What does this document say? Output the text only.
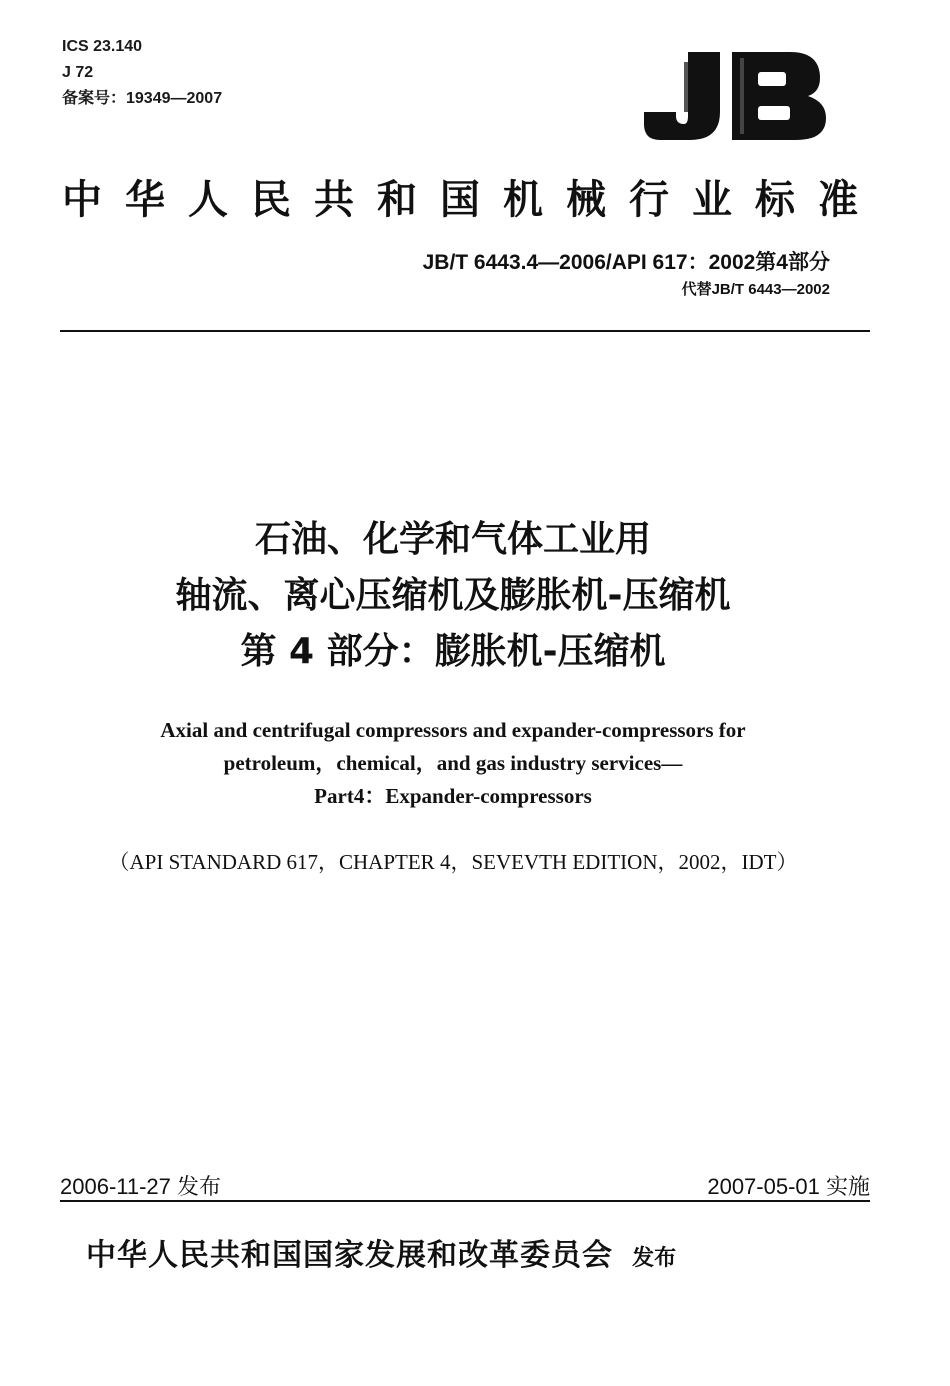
ICS 23.140
J 72
备案号：19349—2007
中华人民共和国机械行业标准
JB/T 6443.4—2006/API 617：2002第4部分
代替JB/T 6443—2002
石油、化学和气体工业用
轴流、离心压缩机及膨胀机-压缩机
第 4 部分：膨胀机-压缩机
Axial and centrifugal compressors and expander-compressors for
petroleum，chemical，and gas industry services—
Part4：Expander-compressors
（API STANDARD 617，CHAPTER 4，SEVEVTH EDITION，2002，IDT）
2006-11-27 发布	2007-05-01 实施
中华人民共和国国家发展和改革委员会 发布
